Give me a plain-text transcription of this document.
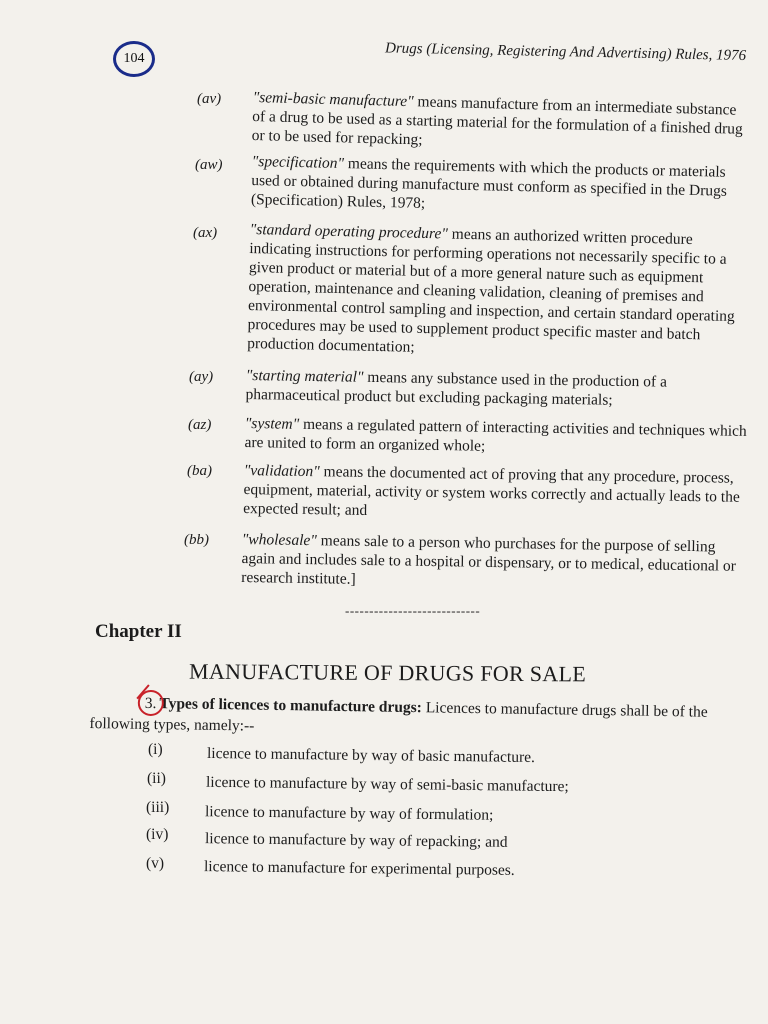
104	Drugs (Licensing, Registering And Advertising) Rules, 1976
(av) "semi-basic manufacture" means manufacture from an intermediate substance of a drug to be used as a starting material for the formulation of a finished drug or to be used for repacking;
(aw) "specification" means the requirements with which the products or materials used or obtained during manufacture must conform as specified in the Drugs (Specification) Rules, 1978;
(ax) "standard operating procedure" means an authorized written procedure indicating instructions for performing operations not necessarily specific to a given product or material but of a more general nature such as equipment operation, maintenance and cleaning validation, cleaning of premises and environmental control sampling and inspection, and certain standard operating procedures may be used to supplement product specific master and batch production documentation;
(ay) "starting material" means any substance used in the production of a pharmaceutical product but excluding packaging materials;
(az) "system" means a regulated pattern of interacting activities and techniques which are united to form an organized whole;
(ba) "validation" means the documented act of proving that any procedure, process, equipment, material, activity or system works correctly and actually leads to the expected result; and
(bb) "wholesale" means sale to a person who purchases for the purpose of selling again and includes sale to a hospital or dispensary, or to medical, educational or research institute.]
----------------------------
Chapter II
MANUFACTURE OF DRUGS FOR SALE
3. Types of licences to manufacture drugs: Licences to manufacture drugs shall be of the following types, namely:--
(i)	licence to manufacture by way of basic manufacture.
(ii)	licence to manufacture by way of semi-basic manufacture;
(iii) licence to manufacture by way of formulation;
(iv) licence to manufacture by way of repacking; and
(v)	licence to manufacture for experimental purposes.
